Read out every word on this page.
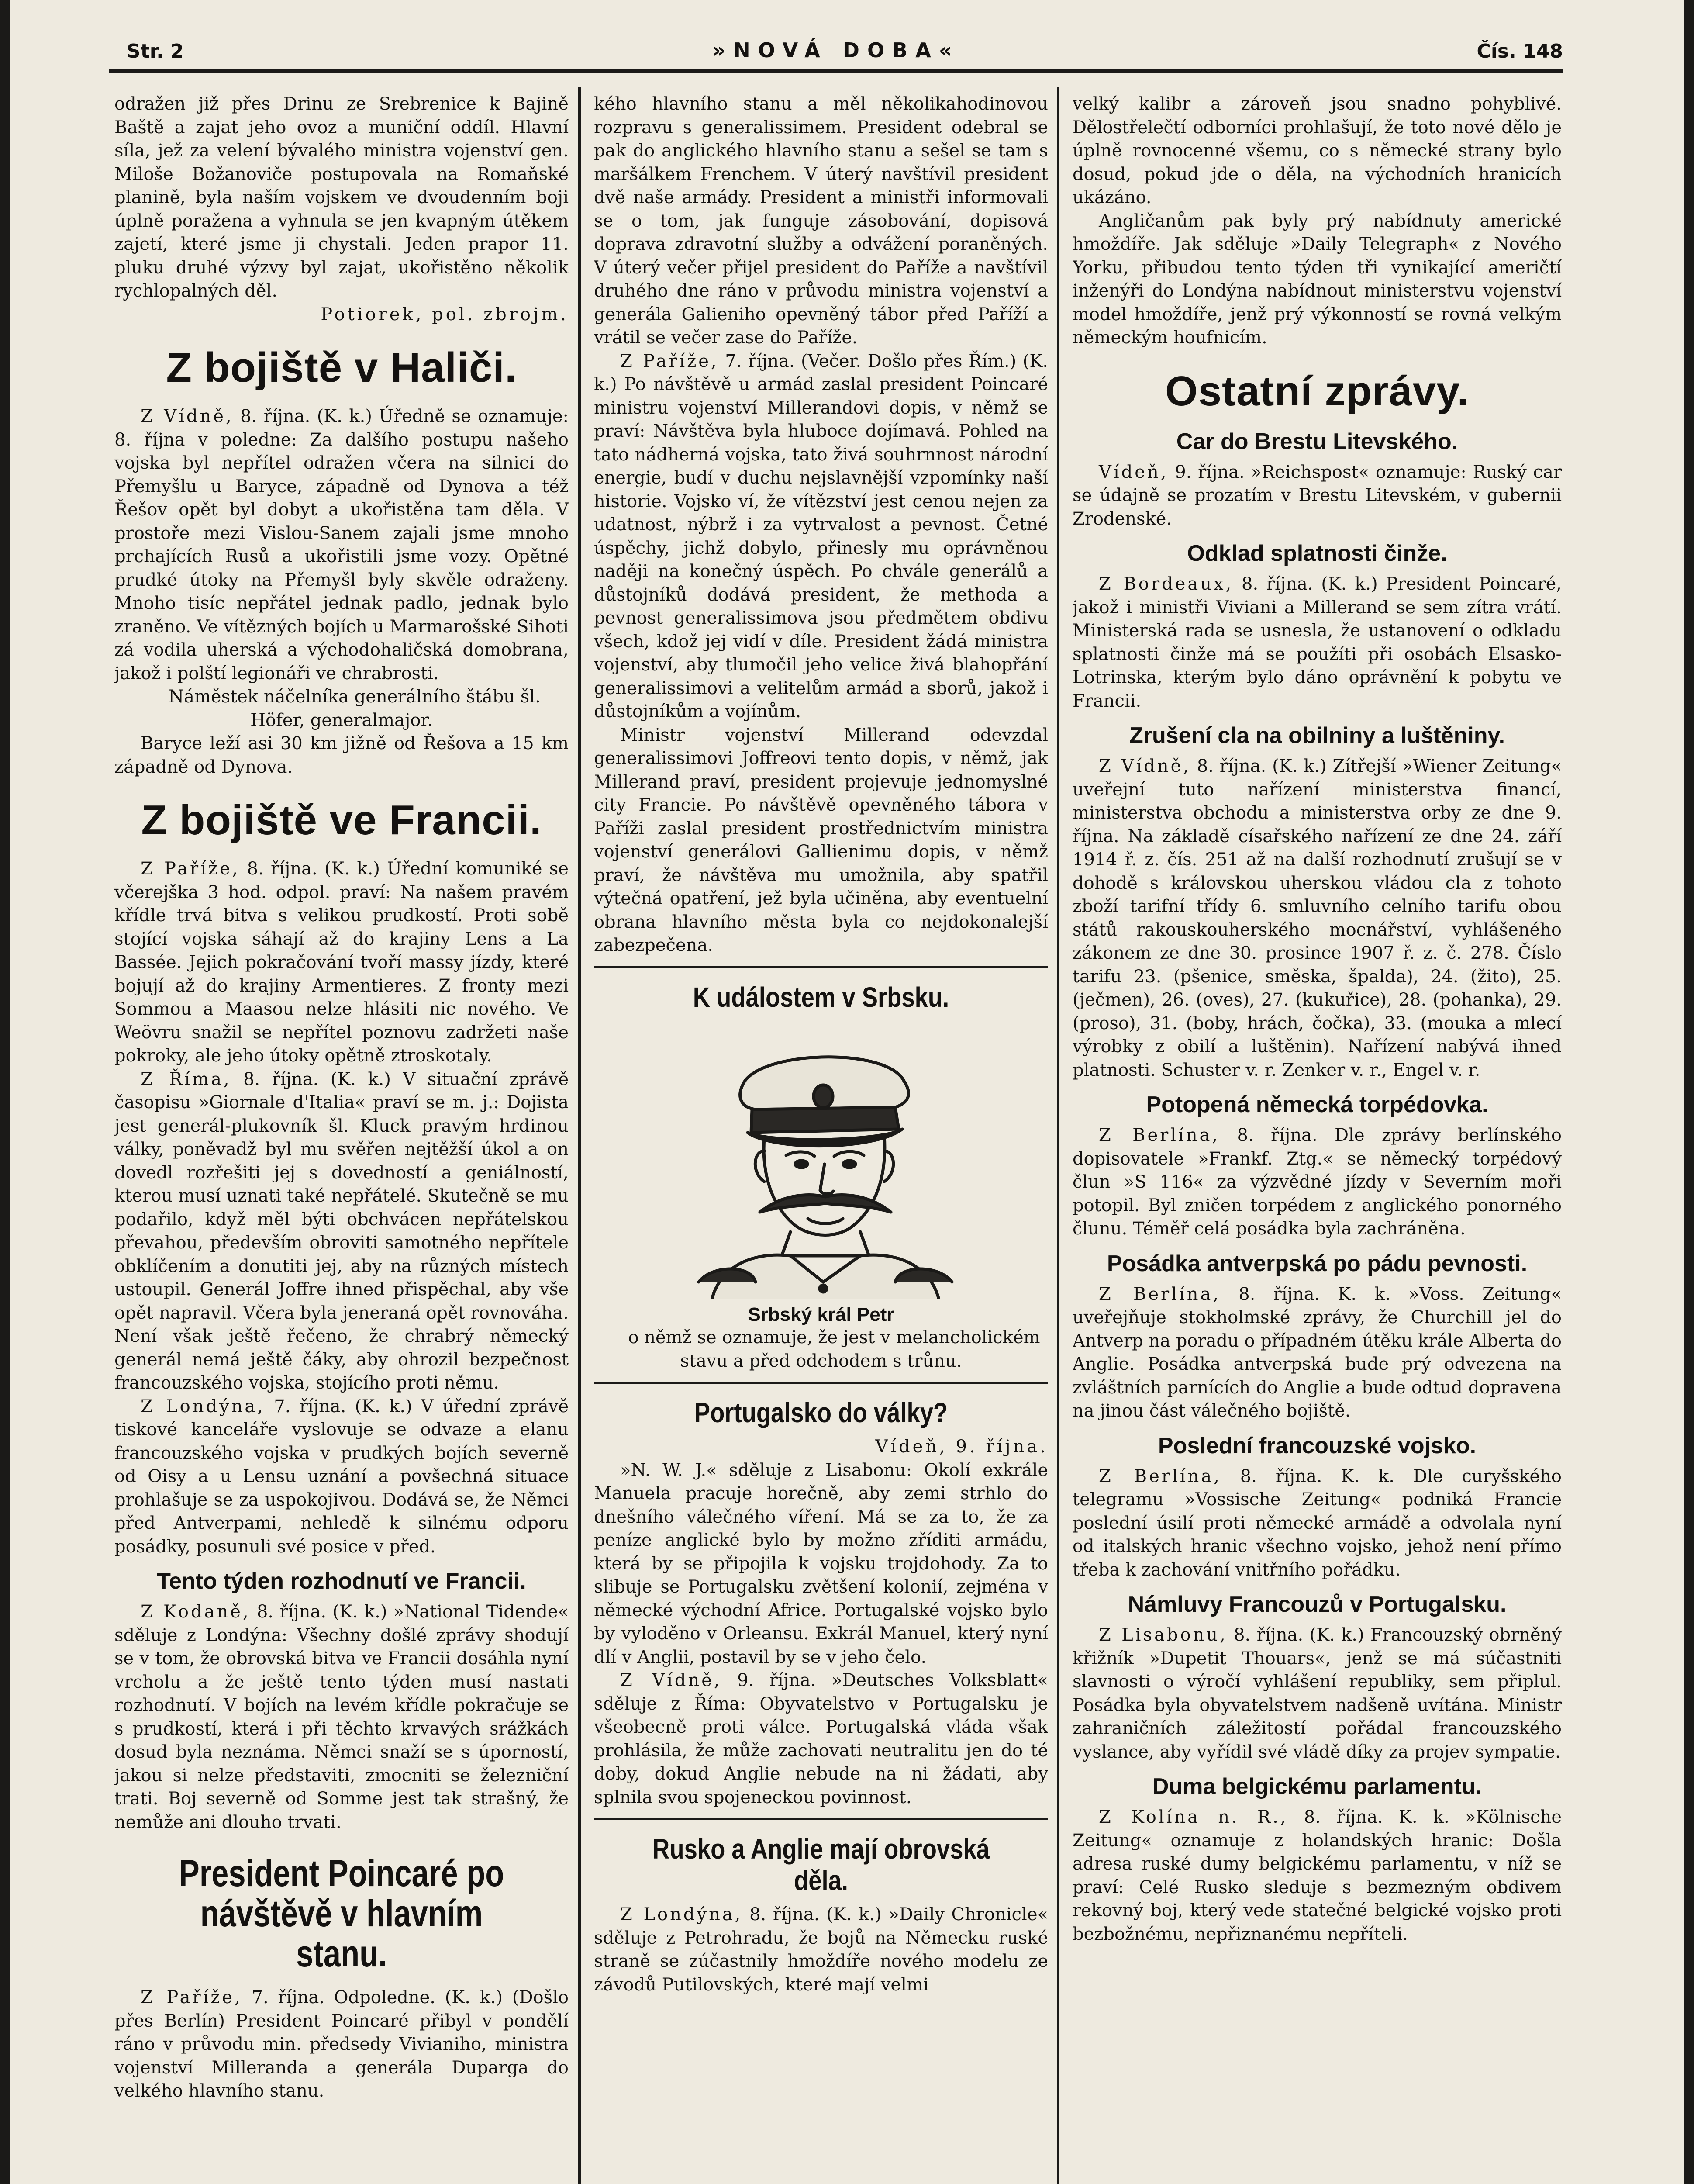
Str. 2	»NOVÁ DOBA«	Čís. 148

odražen již přes Drinu ze Srebrenice k Bajině Baště a zajat jeho ovoz a muniční oddíl. Hlavní síla, jež za velení bývalého ministra vojenství gen. Miloše Božanoviče postupovala na Romaňské planině, byla naším vojskem ve dvoudenním boji úplně poražena a vyhnula se jen kvapným útěkem zajetí, které jsme ji chystali. Jeden prapor 11. pluku druhé výzvy byl zajat, ukořistěno několik rychlopalných děl.

Potiorek, pol. zbrojm.

Z bojiště v Haliči.

Z Vídně, 8. října. (K. k.) Úředně se oznamuje: 8. října v poledne: Za dalšího postupu našeho vojska byl nepřítel odražen včera na silnici do Přemyšlu u Baryce, západně od Dynova a též Řešov opět byl dobyt a ukořistěna tam děla. V prostoře mezi Vislou-Sanem zajali jsme mnoho prchajících Rusů a ukořistili jsme vozy. Opětné prudké útoky na Přemyšl byly skvěle odraženy. Mnoho tisíc nepřátel jednak padlo, jednak bylo zraněno. Ve vítězných bojích u Marmarošské Sihoti zá vodila uherská a východohaličská domobrana, jakož i polští legionáři ve chrabrosti.

Náměstek náčelníka generálního štábu šl. Höfer, generalmajor.

Baryce leží asi 30 km jižně od Řešova a 15 km západně od Dynova.

Z bojiště ve Francii.

Z Paříže, 8. října. (K. k.) Úřední komuniké se včerejška 3 hod. odpol. praví: Na našem pravém křídle trvá bitva s velikou prudkostí. Proti sobě stojící vojska sáhají až do krajiny Lens a La Bassée. Jejich pokračování tvoří massy jízdy, které bojují až do krajiny Armentieres. Z fronty mezi Sommou a Maasou nelze hlásiti nic nového. Ve Weövru snažil se nepřítel poznovu zadržeti naše pokroky, ale jeho útoky opětně ztroskotaly.

Z Říma, 8. října. (K. k.) V situační zprávě časopisu »Giornale d'Italia« praví se m. j.: Dojista jest generál-plukovník šl. Kluck pravým hrdinou války, poněvadž byl mu svěřen nejtěžší úkol a on dovedl rozřešiti jej s dovedností a geniálností, kterou musí uznati také nepřátelé. Skutečně se mu podařilo, když měl býti obchvácen nepřátelskou převahou, především obroviti samotného nepřítele obklíčením a donutiti jej, aby na různých místech ustoupil. Generál Joffre ihned přispěchal, aby vše opět napravil. Včera byla jeneraná opět rovnováha. Není však ještě řečeno, že chrabrý německý generál nemá ještě čáky, aby ohrozil bezpečnost francouzského vojska, stojícího proti němu.

Z Londýna, 7. října. (K. k.) V úřední zprávě tiskové kanceláře vyslovuje se odvaze a elanu francouzského vojska v prudkých bojích severně od Oisy a u Lensu uznání a povšechná situace prohlašuje se za uspokojivou. Dodává se, že Němci před Antverpami, nehledě k silnému odporu posádky, posunuli své posice v před.

Tento týden rozhodnutí ve Francii.

Z Kodaně, 8. října. (K. k.) »National Tidende« sděluje z Londýna: Všechny došlé zprávy shodují se v tom, že obrovská bitva ve Francii dosáhla nyní vrcholu a že ještě tento týden musí nastati rozhodnutí. V bojích na levém křídle pokračuje se s prudkostí, která i při těchto krvavých srážkách dosud byla neznáma. Němci snaží se s úporností, jakou si nelze představiti, zmocniti se železniční trati. Boj severně od Somme jest tak strašný, že nemůže ani dlouho trvati.

President Poincaré po návštěvě v hlavním stanu.

Z Paříže, 7. října. Odpoledne. (K. k.) (Došlo přes Berlín) President Poincaré přibyl v pondělí ráno v průvodu min. předsedy Vivianiho, ministra vojenství Milleranda a generála Duparga do velkého hlavního stanu.

kého hlavního stanu a měl několikahodinovou rozpravu s generalissimem. President odebral se pak do anglického hlavního stanu a sešel se tam s maršálkem Frenchem. V úterý navštívil president dvě naše armády. President a ministři informovali se o tom, jak funguje zásobování, dopisová doprava zdravotní služby a odvážení poraněných. V úterý večer přijel president do Paříže a navštívil druhého dne ráno v průvodu ministra vojenství a generála Galieniho opevněný tábor před Paříží a vrátil se večer zase do Paříže.

Z Paříže, 7. října. (Večer. Došlo přes Řím.) (K. k.) Po návštěvě u armád zaslal president Poincaré ministru vojenství Millerandovi dopis, v němž se praví: Návštěva byla hluboce dojímavá. Pohled na tato nádherná vojska, tato živá souhrnnost národní energie, budí v duchu nejslavnější vzpomínky naší historie. Vojsko ví, že vítězství jest cenou nejen za udatnost, nýbrž i za vytrvalost a pevnost. Četné úspěchy, jichž dobylo, přinesly mu oprávněnou naději na konečný úspěch. Po chvále generálů a důstojníků dodává president, že methoda a pevnost generalissimova jsou předmětem obdivu všech, kdož jej vidí v díle. President žádá ministra vojenství, aby tlumočil jeho velice živá blahopřání generalissimovi a velitelům armád a sborů, jakož i důstojníkům a vojínům.

Ministr vojenství Millerand odevzdal generalissimovi Joffreovi tento dopis, v němž, jak Millerand praví, president projevuje jednomyslné city Francie. Po návštěvě opevněného tábora v Paříži zaslal president prostřednictvím ministra vojenství generálovi Gallienimu dopis, v němž praví, že návštěva mu umožnila, aby spatřil výtečná opatření, jež byla učiněna, aby eventuelní obrana hlavního města byla co nejdokonalejší zabezpečena.

K událostem v Srbsku.
Srbský král Petr

o němž se oznamuje, že jest v melancholickém stavu a před odchodem s trůnu.

Portugalsko do války?

Vídeň, 9. října.

»N. W. J.« sděluje z Lisabonu: Okolí exkrále Manuela pracuje horečně, aby zemi strhlo do dnešního válečného víření. Má se za to, že za peníze anglické bylo by možno zříditi armádu, která by se připojila k vojsku trojdohody. Za to slibuje se Portugalsku zvětšení kolonií, zejména v německé východní Africe. Portugalské vojsko bylo by vyloděno v Orleansu. Exkrál Manuel, který nyní dlí v Anglii, postavil by se v jeho čelo.

Z Vídně, 9. října. »Deutsches Volksblatt« sděluje z Říma: Obyvatelstvo v Portugalsku je všeobecně proti válce. Portugalská vláda však prohlásila, že může zachovati neutralitu jen do té doby, dokud Anglie nebude na ni žádati, aby splnila svou spojeneckou povinnost.

Rusko a Anglie mají obrovská děla.

Z Londýna, 8. října. (K. k.) »Daily Chronicle« sděluje z Petrohradu, že bojů na Německu ruské straně se zúčastnily hmoždíře nového modelu ze závodů Putilovských, které mají velmi

velký kalibr a zároveň jsou snadno pohyblivé. Dělostřelečtí odborníci prohlašují, že toto nové dělo je úplně rovnocenné všemu, co s německé strany bylo dosud, pokud jde o děla, na východních hranicích ukázáno.

Angličanům pak byly prý nabídnuty americké hmoždíře. Jak sděluje »Daily Telegraph« z Nového Yorku, přibudou tento týden tři vynikající američtí inženýři do Londýna nabídnout ministerstvu vojenství model hmoždíře, jenž prý výkonností se rovná velkým německým houfnicím.

Ostatní zprávy.
Car do Brestu Litevského.

Vídeň, 9. října. »Reichspost« oznamuje: Ruský car se údajně se prozatím v Brestu Litevském, v gubernii Zrodenské.

Odklad splatnosti činže.

Z Bordeaux, 8. října. (K. k.) President Poincaré, jakož i ministři Viviani a Millerand se sem zítra vrátí. Ministerská rada se usnesla, že ustanovení o odkladu splatnosti činže má se použíti při osobách Elsasko-Lotrinska, kterým bylo dáno oprávnění k pobytu ve Francii.

Zrušení cla na obilniny a luštěniny.

Z Vídně, 8. října. (K. k.) Zítřejší »Wiener Zeitung« uveřejní tuto nařízení ministerstva financí, ministerstva obchodu a ministerstva orby ze dne 9. října. Na základě císařského nařízení ze dne 24. září 1914 ř. z. čís. 251 až na další rozhodnutí zrušují se v dohodě s královskou uherskou vládou cla z tohoto zboží tarifní třídy 6. smluvního celního tarifu obou států rakouskouherského mocnářství, vyhlášeného zákonem ze dne 30. prosince 1907 ř. z. č. 278. Číslo tarifu 23. (pšenice, směska, špalda), 24. (žito), 25. (ječmen), 26. (oves), 27. (kukuřice), 28. (pohanka), 29. (proso), 31. (boby, hrách, čočka), 33. (mouka a mlecí výrobky z obilí a luštěnin). Nařízení nabývá ihned platnosti. Schuster v. r. Zenker v. r., Engel v. r.

Potopená německá torpédovka.

Z Berlína, 8. října. Dle zprávy berlínského dopisovatele »Frankf. Ztg.« se německý torpédový člun »S 116« za výzvědné jízdy v Severním moři potopil. Byl zničen torpédem z anglického ponorného člunu. Téměř celá posádka byla zachráněna.

Posádka antverpská po pádu pevnosti.

Z Berlína, 8. října. K. k. »Voss. Zeitung« uveřejňuje stokholmské zprávy, že Churchill jel do Antverp na poradu o případném útěku krále Alberta do Anglie. Posádka antverpská bude prý odvezena na zvláštních parnících do Anglie a bude odtud dopravena na jinou část válečného bojiště.

Poslední francouzské vojsko.

Z Berlína, 8. října. K. k. Dle curyšského telegramu »Vossische Zeitung« podniká Francie poslední úsilí proti německé armádě a odvolala nyní od italských hranic všechno vojsko, jehož není přímo třeba k zachování vnitřního pořádku.

Námluvy Francouzů v Portugalsku.

Z Lisabonu, 8. října. (K. k.) Francouzský obrněný křižník »Dupetit Thouars«, jenž se má súčastniti slavnosti o výročí vyhlášení republiky, sem připlul. Posádka byla obyvatelstvem nadšeně uvítána. Ministr zahraničních záležitostí pořádal francouzského vyslance, aby vyřídil své vládě díky za projev sympatie.

Duma belgickému parlamentu.

Z Kolína n. R., 8. října. K. k. »Kölnische Zeitung« oznamuje z holandských hranic: Došla adresa ruské dumy belgickému parlamentu, v níž se praví: Celé Rusko sleduje s bezmezným obdivem rekovný boj, který vede statečné belgické vojsko proti bezbožnému, nepřiznanému nepříteli.
